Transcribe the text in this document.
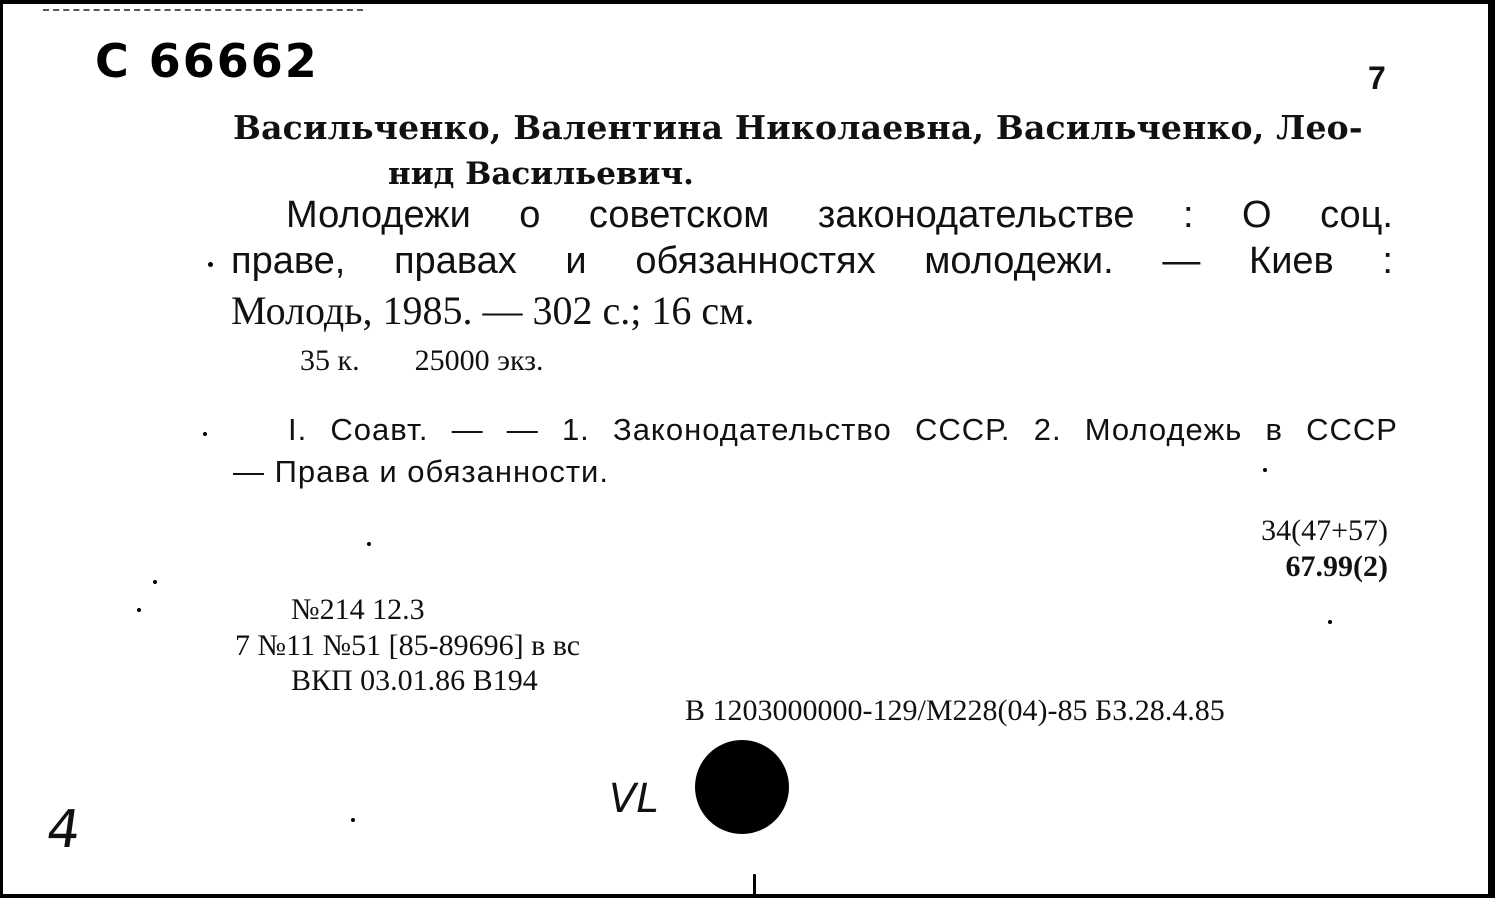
С 66662	7
Васильченко, Валентина Николаевна, Васильченко, Лео-
нид Васильевич.
Молодежи о советском законодательстве : О соц.
праве, правах и обязанностях молодежи. — Киев :
Молодь, 1985. — 302 с.; 16 см.
35 к. 25000 экз.
I. Соавт. — — 1. Законодательство СССР. 2. Молодежь в СССР
— Права и обязанности.
34(47+57)
67.99(2)
№214 12.3
7 №11 №51 [85-89696] в вс
ВКП 03.01.86 В194
В 1203000000-129/М228(04)-85 БЗ.28.4.85
VL
4
